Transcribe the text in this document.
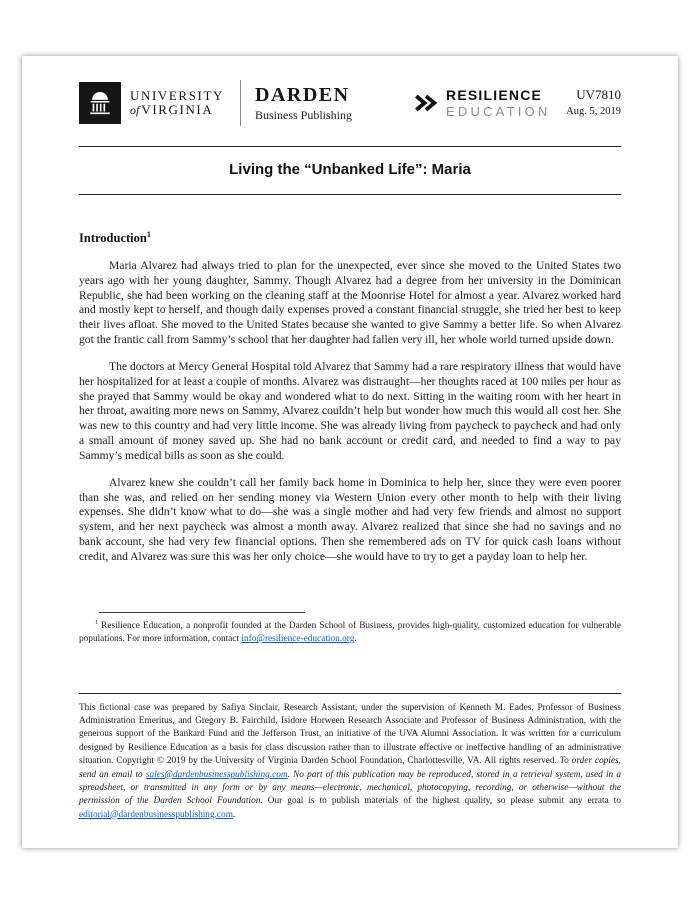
UNIVERSITY
of VIRGINIA
DARDEN
Business Publishing
RESILIENCE
EDUCATION
UV7810
Aug. 5, 2019
Living the “Unbanked Life”: Maria
Introduction$^1$

Maria Alvarez had always tried to plan for the unexpected, ever since she moved to the United States two years ago with her young daughter, Sammy. Though Alvarez had a degree from her university in the Dominican Republic, she had been working on the cleaning staff at the Moonrise Hotel for almost a year. Alvarez worked hard and mostly kept to herself, and though daily expenses proved a constant financial struggle, she tried her best to keep their lives afloat. She moved to the United States because she wanted to give Sammy a better life. So when Alvarez got the frantic call from Sammy’s school that her daughter had fallen very ill, her whole world turned upside down.

The doctors at Mercy General Hospital told Alvarez that Sammy had a rare respiratory illness that would have her hospitalized for at least a couple of months. Alvarez was distraught—her thoughts raced at 100 miles per hour as she prayed that Sammy would be okay and wondered what to do next. Sitting in the waiting room with her heart in her throat, awaiting more news on Sammy, Alvarez couldn’t help but wonder how much this would all cost her. She was new to this country and had very little income. She was already living from paycheck to paycheck and had only a small amount of money saved up. She had no bank account or credit card, and needed to find a way to pay Sammy’s medical bills as soon as she could.

Alvarez knew she couldn’t call her family back home in Dominica to help her, since they were even poorer than she was, and relied on her sending money via Western Union every other month to help with their living expenses. She didn’t know what to do—she was a single mother and had very few friends and almost no support system, and her next paycheck was almost a month away. Alvarez realized that since she had no savings and no bank account, she had very few financial options. Then she remembered ads on TV for quick cash loans without credit, and Alvarez was sure this was her only choice—she would have to try to get a payday loan to help her.

$^1$ Resilience Education, a nonprofit founded at the Darden School of Business, provides high-quality, customized education for vulnerable populations. For more information, contact info@resilience-education.org.

This fictional case was prepared by Safiya Sinclair, Research Assistant, under the supervision of Kenneth M. Eades, Professor of Business Administration Emeritus, and Gregory B. Fairchild, Isidore Horween Research Associate and Professor of Business Administration, with the generous support of the Bankard Fund and the Jefferson Trust, an initiative of the UVA Alumni Association. It was written for a curriculum designed by Resilience Education as a basis for class discussion rather than to illustrate effective or ineffective handling of an administrative situation. Copyright © 2019 by the University of Virginia Darden School Foundation, Charlottesville, VA. All rights reserved. To order copies, send an email to sales@dardenbusinesspublishing.com. No part of this publication may be reproduced, stored in a retrieval system, used in a spreadsheet, or transmitted in any form or by any means—electronic, mechanical, photocopying, recording, or otherwise—without the permission of the Darden School Foundation. Our goal is to publish materials of the highest quality, so please submit any errata to editorial@dardenbusinesspublishing.com.
